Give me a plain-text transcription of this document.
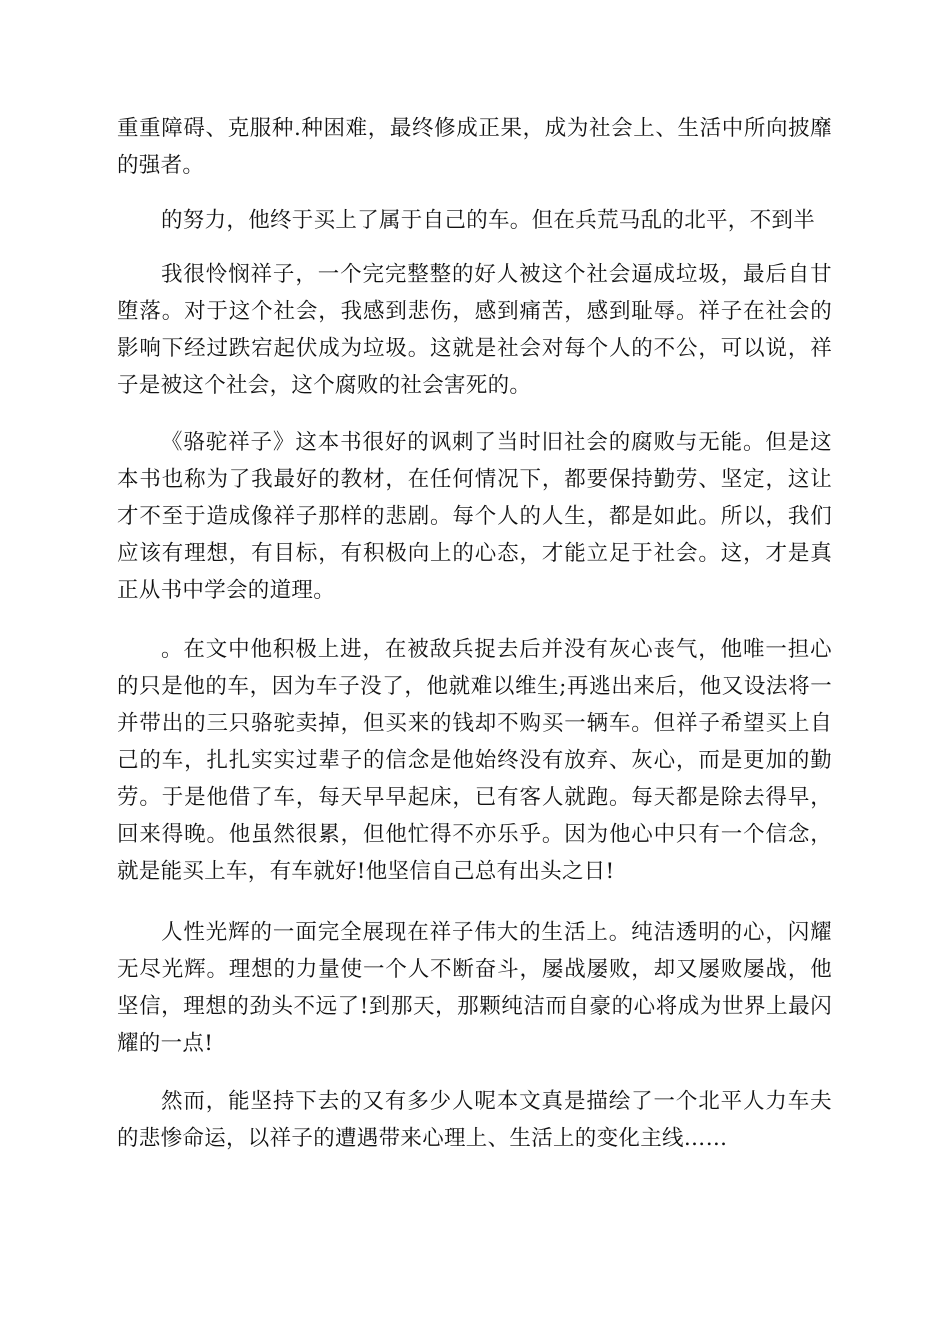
重重障碍、克服种.种困难，最终修成正果，成为社会上、生活中所向披靡的强者。

的努力，他终于买上了属于自己的车。但在兵荒马乱的北平，不到半

我很怜悯祥子，一个完完整整的好人被这个社会逼成垃圾，最后自甘堕落。对于这个社会，我感到悲伤，感到痛苦，感到耻辱。祥子在社会的影响下经过跌宕起伏成为垃圾。这就是社会对每个人的不公，可以说，祥子是被这个社会，这个腐败的社会害死的。

《骆驼祥子》这本书很好的讽刺了当时旧社会的腐败与无能。但是这本书也称为了我最好的教材，在任何情况下，都要保持勤劳、坚定，这让才不至于造成像祥子那样的悲剧。每个人的人生，都是如此。所以，我们应该有理想，有目标，有积极向上的心态，才能立足于社会。这，才是真正从书中学会的道理。

。在文中他积极上进，在被敌兵捉去后并没有灰心丧气，他唯一担心的只是他的车，因为车子没了，他就难以维生;再逃出来后，他又设法将一并带出的三只骆驼卖掉，但买来的钱却不购买一辆车。但祥子希望买上自己的车，扎扎实实过辈子的信念是他始终没有放弃、灰心，而是更加的勤劳。于是他借了车，每天早早起床，已有客人就跑。每天都是除去得早，回来得晚。他虽然很累，但他忙得不亦乐乎。因为他心中只有一个信念，就是能买上车，有车就好!他坚信自己总有出头之日!

人性光辉的一面完全展现在祥子伟大的生活上。纯洁透明的心，闪耀无尽光辉。理想的力量使一个人不断奋斗，屡战屡败，却又屡败屡战，他坚信，理想的劲头不远了!到那天，那颗纯洁而自豪的心将成为世界上最闪耀的一点!

然而，能坚持下去的又有多少人呢本文真是描绘了一个北平人力车夫的悲惨命运，以祥子的遭遇带来心理上、生活上的变化主线……
